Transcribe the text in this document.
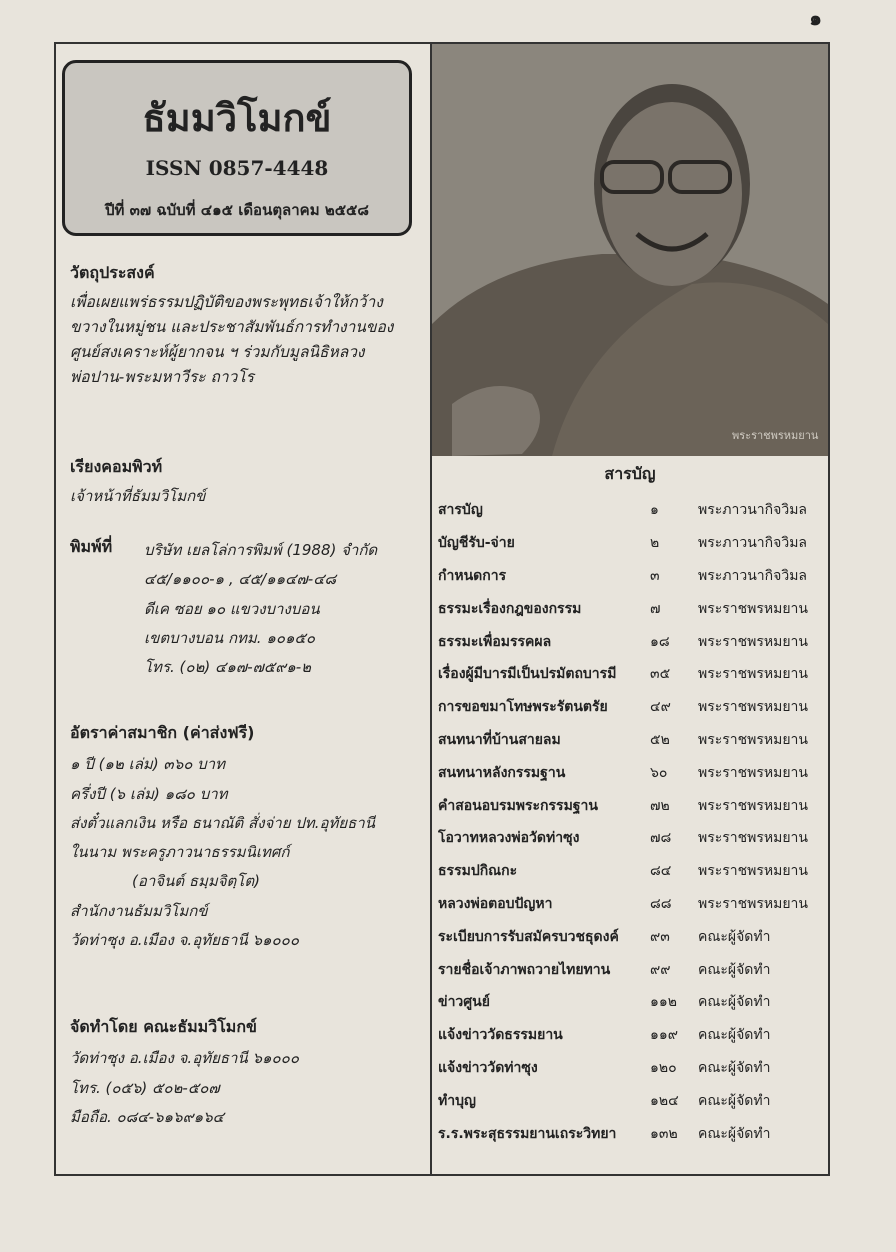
๑
ธัมมวิโมกข์
ISSN 0857-4448
ปีที่ ๓๗ ฉบับที่ ๔๑๕ เดือนตุลาคม ๒๕๕๘
วัตถุประสงค์
เพื่อเผยแพร่ธรรมปฏิบัติของพระพุทธเจ้าให้กว้าง
ขวางในหมู่ชน และประชาสัมพันธ์การทำงานของ
ศูนย์สงเคราะห์ผู้ยากจน ฯ ร่วมกับมูลนิธิหลวง
พ่อปาน-พระมหาวีระ ถาวโร
เรียงคอมพิวท์
เจ้าหน้าที่ธัมมวิโมกข์
พิมพ์ที่	บริษัท เยลโล่การพิมพ์ (1988) จำกัด
๔๕/๑๑๐๐-๑ , ๔๕/๑๑๔๗-๔๘
ดีเค ซอย ๑๐ แขวงบางบอน
เขตบางบอน กทม. ๑๐๑๕๐
โทร. (๐๒) ๔๑๗-๗๕๙๑-๒
อัตราค่าสมาชิก (ค่าส่งฟรี)
๑ ปี (๑๒ เล่ม) ๓๖๐ บาท
ครึ่งปี (๖ เล่ม) ๑๘๐ บาท
ส่งตั๋วแลกเงิน หรือ ธนาณัติ สั่งจ่าย ปท.อุทัยธานี
ในนาม พระครูภาวนาธรรมนิเทศก์
(อาจินต์ ธมฺมจิตฺโต)
สำนักงานธัมมวิโมกข์
วัดท่าซุง อ.เมือง จ.อุทัยธานี ๖๑๐๐๐
จัดทำโดย คณะธัมมวิโมกข์
วัดท่าซุง อ.เมือง จ.อุทัยธานี ๖๑๐๐๐
โทร. (๐๕๖) ๕๐๒-๕๐๗
มือถือ. ๐๘๔-๖๑๖๙๑๖๔
พระราชพรหมยาน
สารบัญ
สารบัญ	๑	พระภาวนากิจวิมล
บัญชีรับ-จ่าย	๒	พระภาวนากิจวิมล
กำหนดการ	๓	พระภาวนากิจวิมล
ธรรมะเรื่องกฎของกรรม	๗	พระราชพรหมยาน
ธรรมะเพื่อมรรคผล	๑๘	พระราชพรหมยาน
เรื่องผู้มีบารมีเป็นปรมัตถบารมี	๓๕	พระราชพรหมยาน
การขอขมาโทษพระรัตนตรัย	๔๙	พระราชพรหมยาน
สนทนาที่บ้านสายลม	๕๒	พระราชพรหมยาน
สนทนาหลังกรรมฐาน	๖๐	พระราชพรหมยาน
คำสอนอบรมพระกรรมฐาน	๗๒	พระราชพรหมยาน
โอวาทหลวงพ่อวัดท่าซุง	๗๘	พระราชพรหมยาน
ธรรมปกิณกะ	๘๔	พระราชพรหมยาน
หลวงพ่อตอบปัญหา	๘๘	พระราชพรหมยาน
ระเบียบการรับสมัครบวชธุดงค์	๙๓	คณะผู้จัดทำ
รายชื่อเจ้าภาพถวายไทยทาน	๙๙	คณะผู้จัดทำ
ข่าวศูนย์	๑๑๒	คณะผู้จัดทำ
แจ้งข่าววัดธรรมยาน	๑๑๙	คณะผู้จัดทำ
แจ้งข่าววัดท่าซุง	๑๒๐	คณะผู้จัดทำ
ทำบุญ	๑๒๔	คณะผู้จัดทำ
ร.ร.พระสุธรรมยานเถระวิทยา	๑๓๒	คณะผู้จัดทำ
